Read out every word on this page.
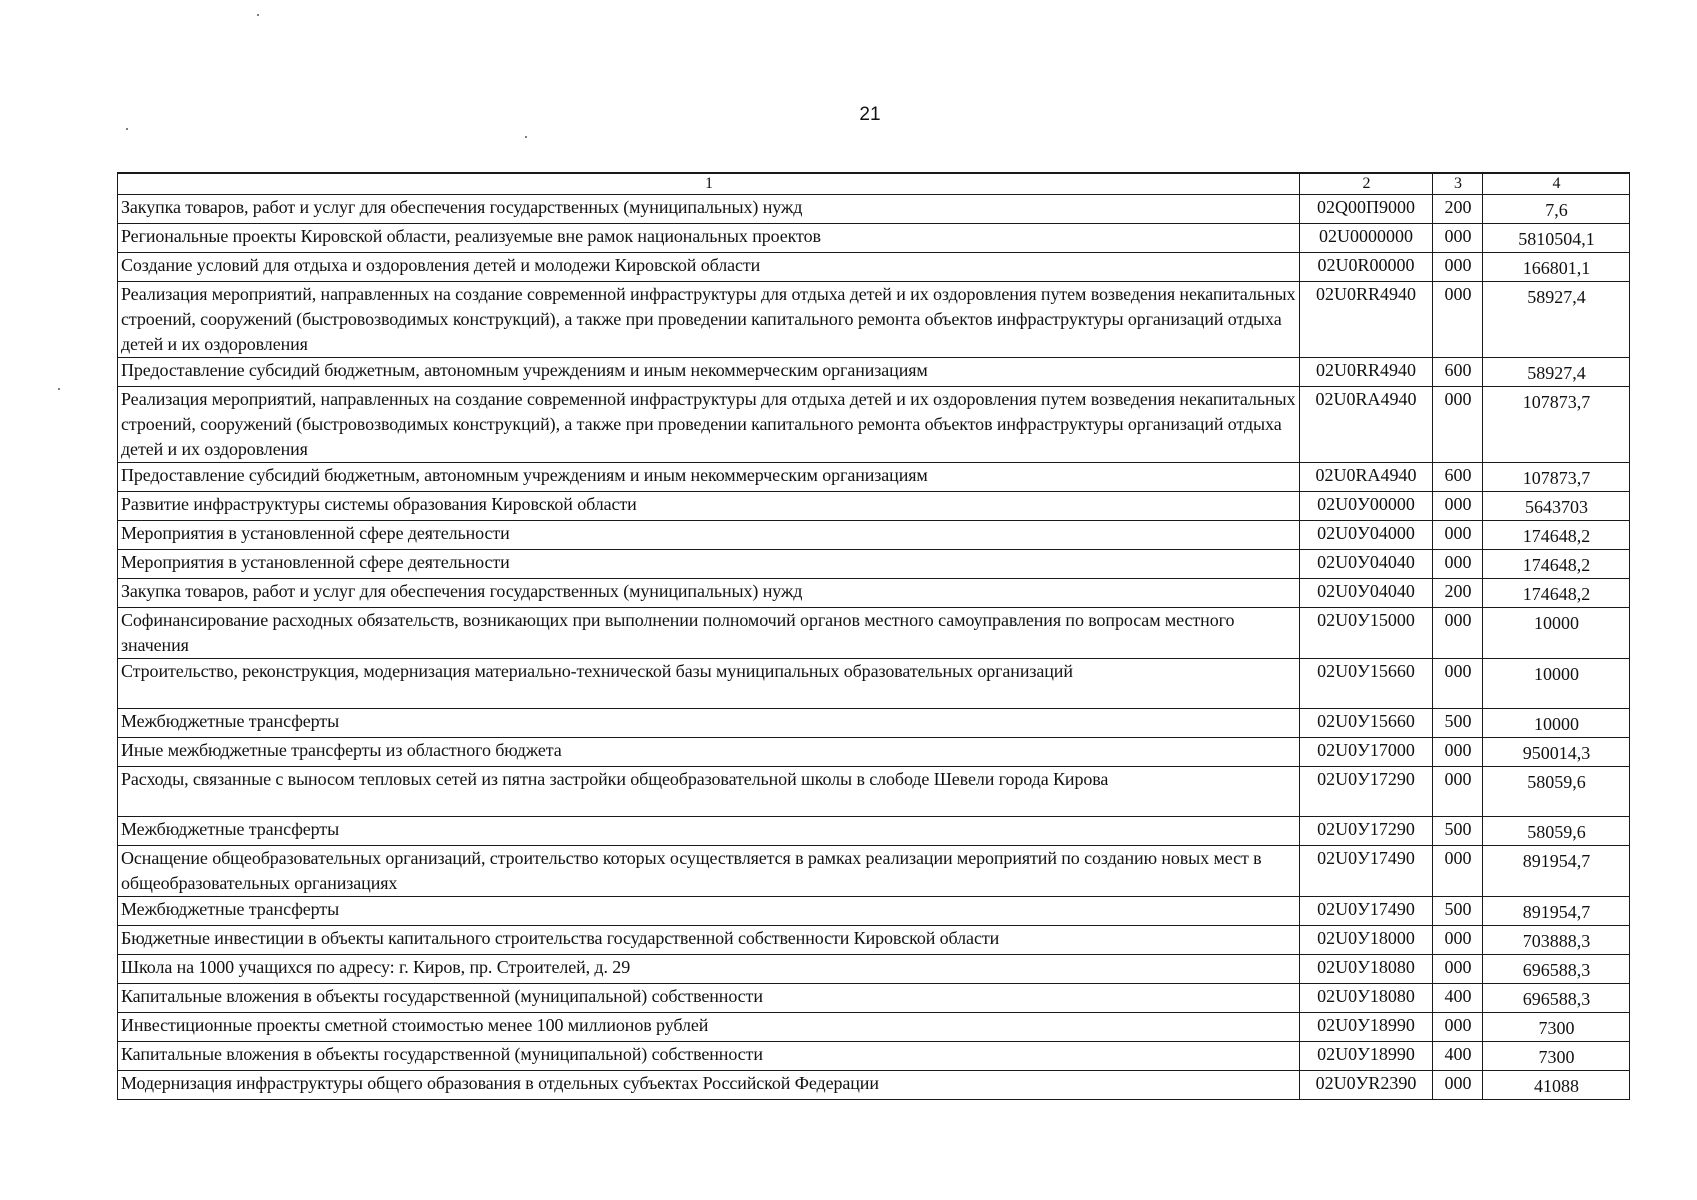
21
1	2	3	4
Закупка товаров, работ и услуг для обеспечения государственных (муниципальных) нужд	02Q00П9000	200	7,6
Региональные проекты Кировской области, реализуемые вне рамок национальных проектов	02U0000000	000	5810504,1
Создание условий для отдыха и оздоровления детей и молодежи Кировской области	02U0R00000	000	166801,1
Реализация мероприятий, направленных на создание современной инфраструктуры для отдыха детей и их оздоровления путем возведения некапитальных строений, сооружений (быстровозводимых конструкций), а также при проведении капитального ремонта объектов инфраструктуры организаций отдыха детей и их оздоровления	02U0RR4940	000	58927,4
Предоставление субсидий бюджетным, автономным учреждениям и иным некоммерческим организациям	02U0RR4940	600	58927,4
Реализация мероприятий, направленных на создание современной инфраструктуры для отдыха детей и их оздоровления путем возведения некапитальных строений, сооружений (быстровозводимых конструкций), а также при проведении капитального ремонта объектов инфраструктуры организаций отдыха детей и их оздоровления	02U0RA4940	000	107873,7
Предоставление субсидий бюджетным, автономным учреждениям и иным некоммерческим организациям	02U0RA4940	600	107873,7
Развитие инфраструктуры системы образования Кировской области	02U0У00000	000	5643703
Мероприятия в установленной сфере деятельности	02U0У04000	000	174648,2
Мероприятия в установленной сфере деятельности	02U0У04040	000	174648,2
Закупка товаров, работ и услуг для обеспечения государственных (муниципальных) нужд	02U0У04040	200	174648,2
Софинансирование расходных обязательств, возникающих при выполнении полномочий органов местного самоуправления по вопросам местного значения	02U0У15000	000	10000
Строительство, реконструкция, модернизация материально-технической базы муниципальных образовательных организаций	02U0У15660	000	10000
Межбюджетные трансферты	02U0У15660	500	10000
Иные межбюджетные трансферты из областного бюджета	02U0У17000	000	950014,3
Расходы, связанные с выносом тепловых сетей из пятна застройки общеобразовательной школы в слободе Шевели города Кирова	02U0У17290	000	58059,6
Межбюджетные трансферты	02U0У17290	500	58059,6
Оснащение общеобразовательных организаций, строительство которых осуществляется в рамках реализации мероприятий по созданию новых мест в общеобразовательных организациях	02U0У17490	000	891954,7
Межбюджетные трансферты	02U0У17490	500	891954,7
Бюджетные инвестиции в объекты капитального строительства государственной собственности Кировской области	02U0У18000	000	703888,3
Школа на 1000 учащихся по адресу: г. Киров, пр. Строителей, д. 29	02U0У18080	000	696588,3
Капитальные вложения в объекты государственной (муниципальной) собственности	02U0У18080	400	696588,3
Инвестиционные проекты сметной стоимостью менее 100 миллионов рублей	02U0У18990	000	7300
Капитальные вложения в объекты государственной (муниципальной) собственности	02U0У18990	400	7300
Модернизация инфраструктуры общего образования в отдельных субъектах Российской Федерации	02U0УR2390	000	41088
